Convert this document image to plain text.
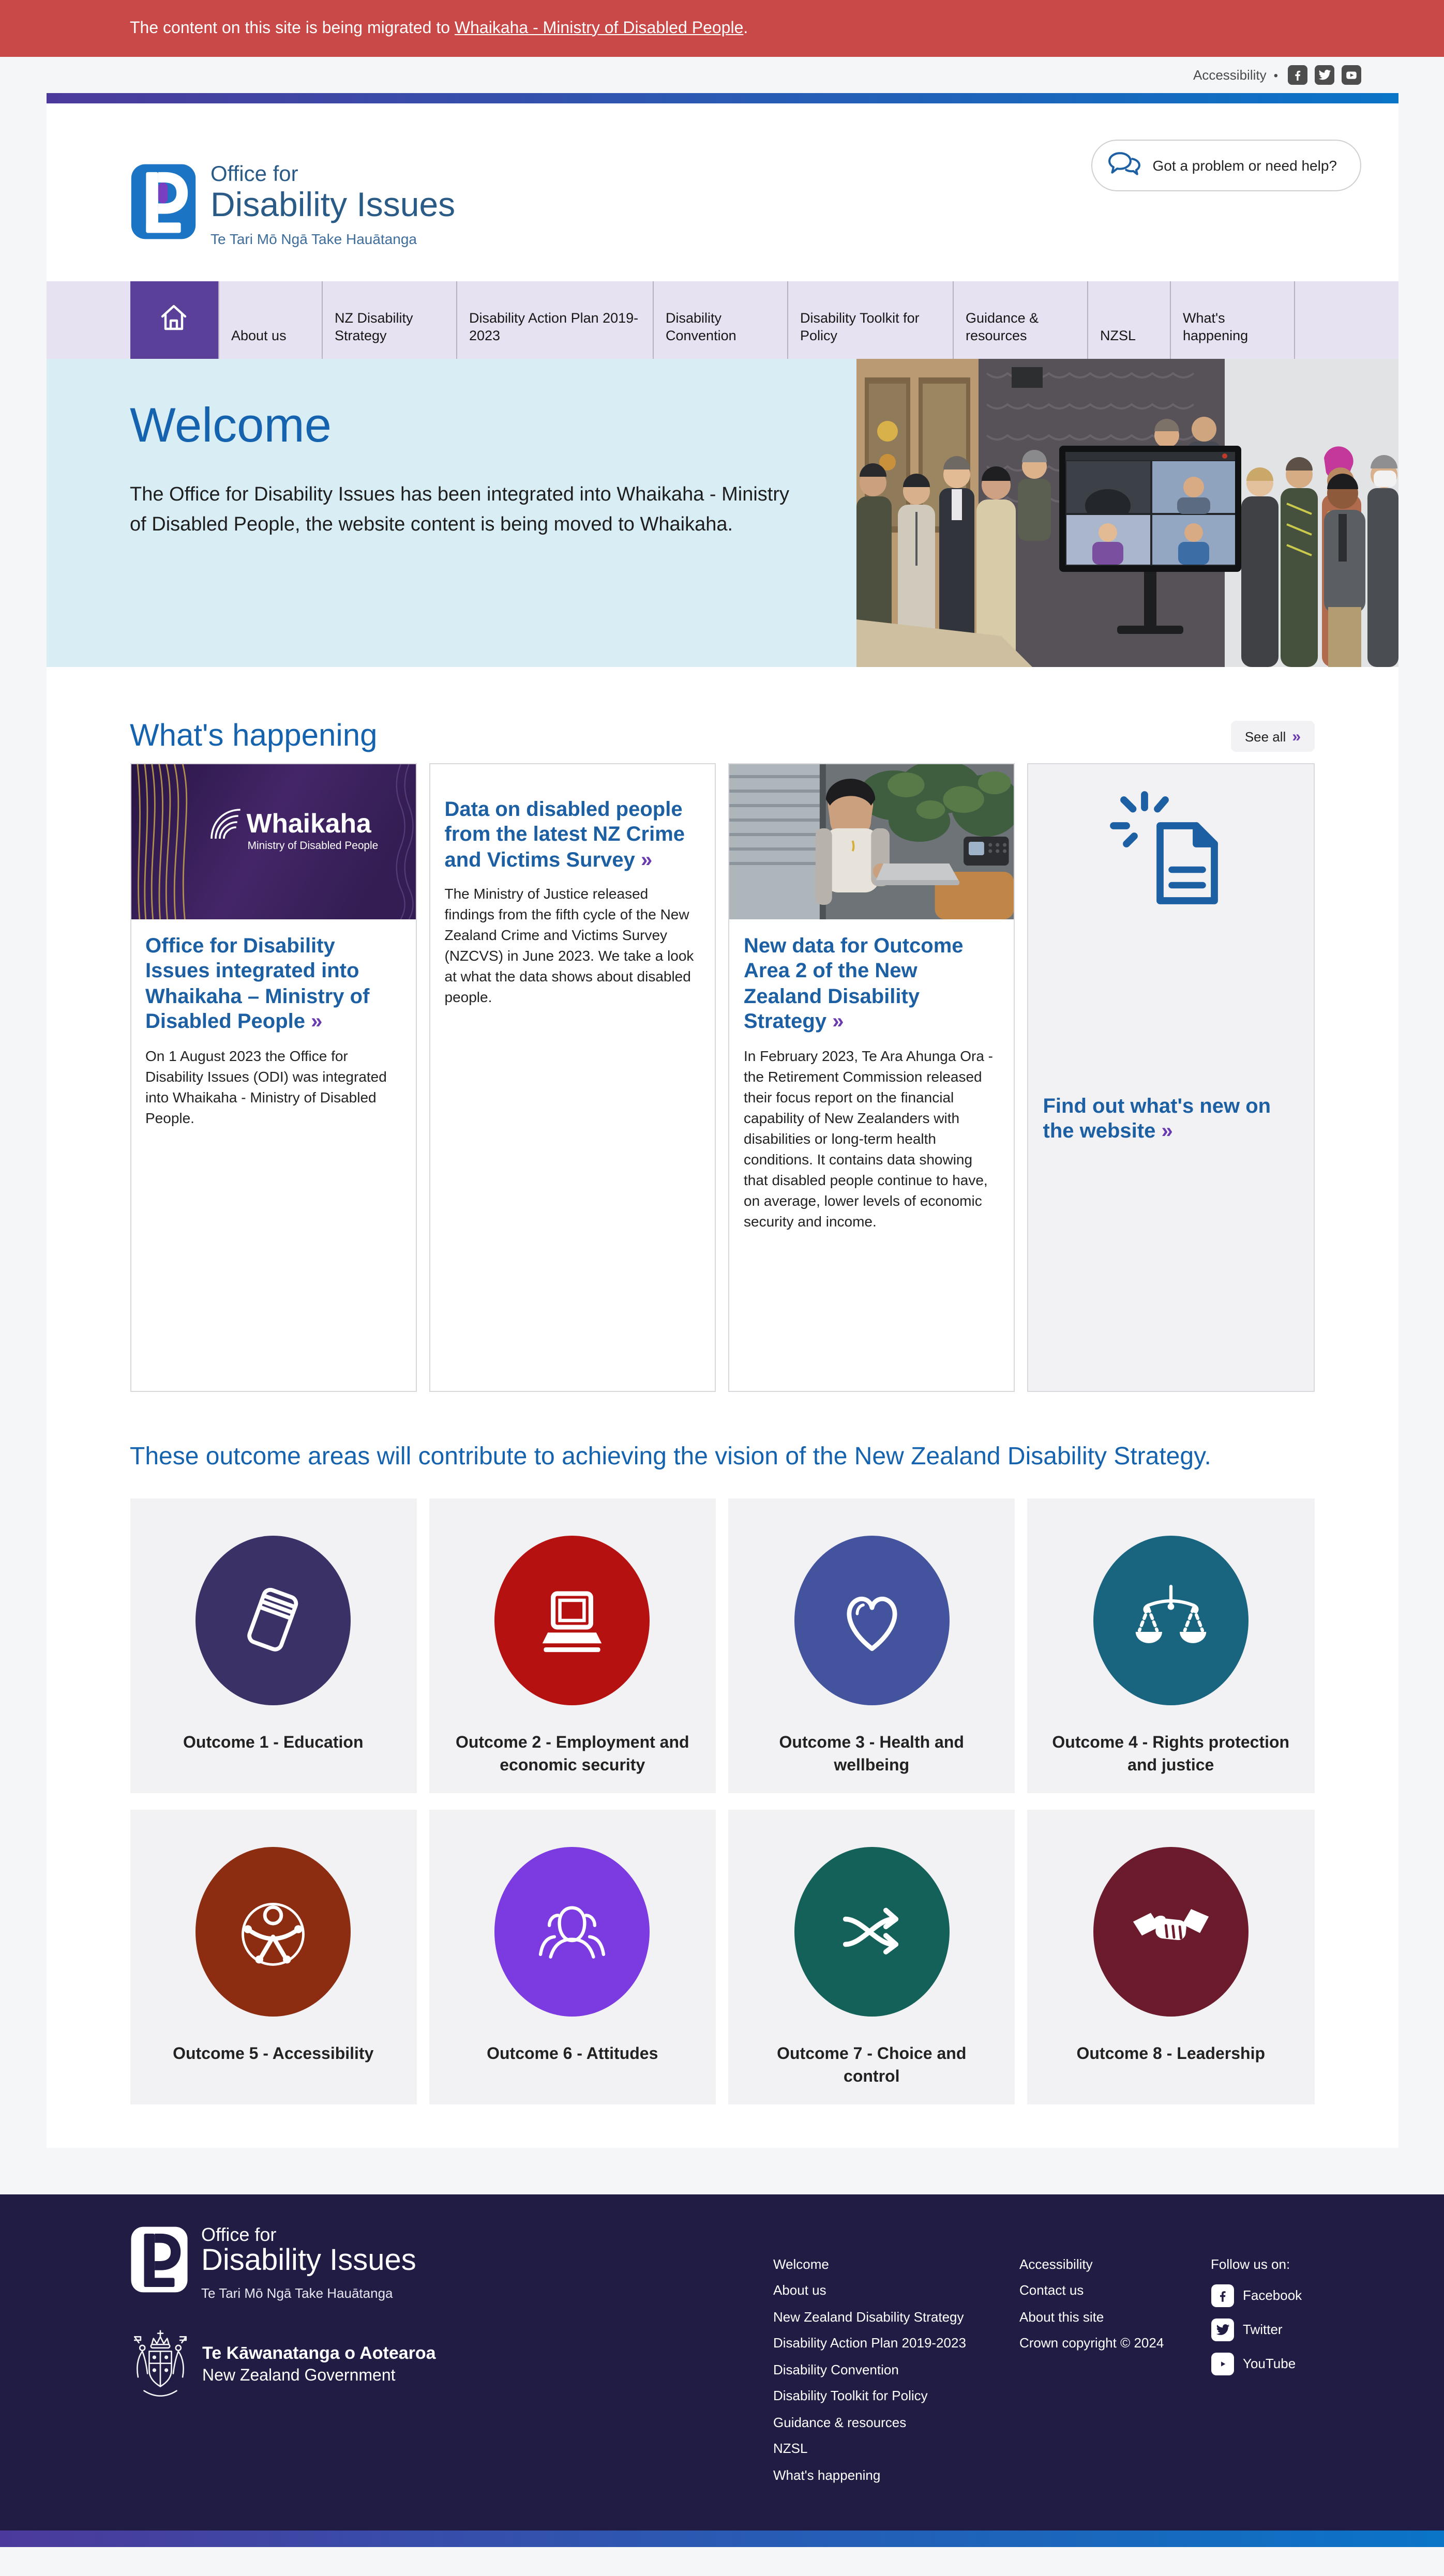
The content on this site is being migrated to Whaikaha - Ministry of Disabled People.
Accessibility •
Office for
Disability Issues
Te Tari Mō Ngā Take Hauātanga
Got a problem or need help?
About us
NZ Disability Strategy
Disability Action Plan 2019-2023
Disability Convention
Disability Toolkit for Policy
Guidance & resources	NZSL
What's happening
Welcome
The Office for Disability Issues has been integrated into Whaikaha - Ministry of Disabled People, the website content is being moved to Whaikaha.
What's happening	See all »
Whaikaha
Ministry of Disabled People
Office for Disability Issues integrated into Whaikaha – Ministry of Disabled People »
On 1 August 2023 the Office for Disability Issues (ODI) was integrated into Whaikaha - Ministry of Disabled People.
Data on disabled people from the latest NZ Crime and Victims Survey »
The Ministry of Justice released findings from the fifth cycle of the New Zealand Crime and Victims Survey (NZCVS) in June 2023. We take a look at what the data shows about disabled people.
New data for Outcome Area 2 of the New Zealand Disability Strategy »
In February 2023, Te Ara Ahunga Ora - the Retirement Commission released their focus report on the financial capability of New Zealanders with disabilities or long-term health conditions. It contains data showing that disabled people continue to have, on average, lower levels of economic security and income.
Find out what's new on the website »
These outcome areas will contribute to achieving the vision of the New Zealand Disability Strategy.
Outcome 1 - Education	Outcome 2 - Employment and economic security
Outcome 3 - Health and wellbeing
Outcome 4 - Rights protection and justice
Outcome 5 - Accessibility	Outcome 6 - Attitudes	Outcome 7 - Choice and control
Outcome 8 - Leadership
Office for
Disability Issues
Te Tari Mō Ngā Take Hauātanga
Te Kāwanatanga o Aotearoa
New Zealand Government
Welcome
About us
New Zealand Disability Strategy
Disability Action Plan 2019-2023
Disability Convention
Disability Toolkit for Policy
Guidance & resources
NZSL
What's happening
Accessibility
Contact us
About this site
Crown copyright © 2024
Follow us on:
Facebook
Twitter
YouTube
